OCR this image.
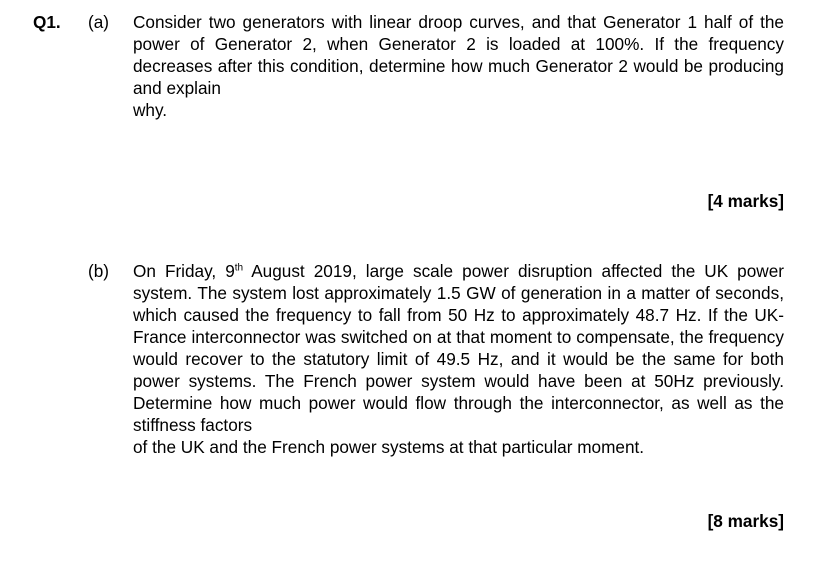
Q1. (a) Consider two generators with linear droop curves, and that Generator 1 half of the power of Generator 2, when Generator 2 is loaded at 100%. If the frequency decreases after this condition, determine how much Generator 2 would be producing and explain
why.
[4 marks]
(b) On Friday, 9th August 2019, large scale power disruption affected the UK power system. The system lost approximately 1.5 GW of generation in a matter of seconds, which caused the frequency to fall from 50 Hz to approximately 48.7 Hz. If the UK-France interconnector was switched on at that moment to compensate, the frequency would recover to the statutory limit of 49.5 Hz, and it would be the same for both power systems. The French power system would have been at 50Hz previously. Determine how much power would flow through the interconnector, as well as the stiffness factors
of the UK and the French power systems at that particular moment.
[8 marks]
